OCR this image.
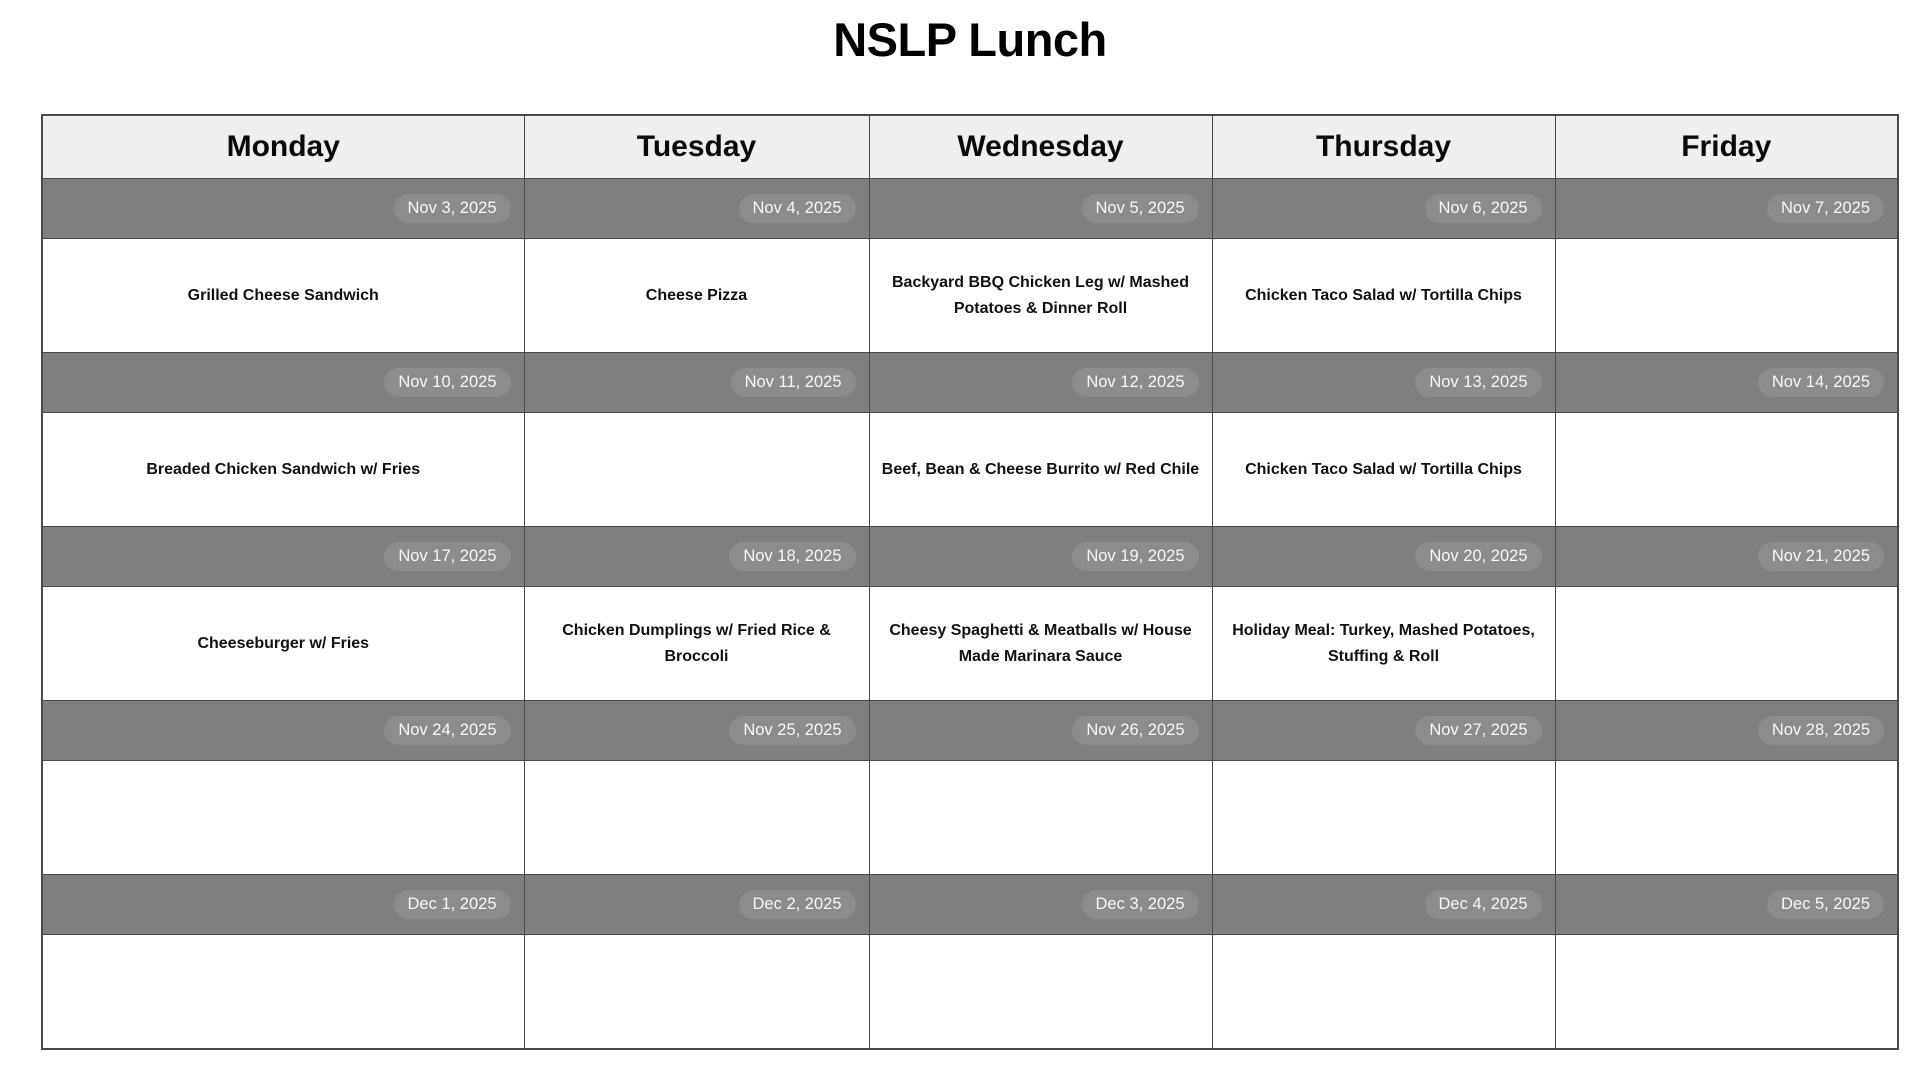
NSLP Lunch
Monday	Tuesday	Wednesday	Thursday	Friday
Nov 3, 2025	Nov 4, 2025	Nov 5, 2025	Nov 6, 2025	Nov 7, 2025

Grilled Cheese Sandwich	Cheese Pizza	Backyard BBQ Chicken Leg w/ Mashed Potatoes & Dinner Roll	Chicken Taco Salad w/ Tortilla Chips	

Nov 10, 2025	Nov 11, 2025	Nov 12, 2025	Nov 13, 2025	Nov 14, 2025

Breaded Chicken Sandwich w/ Fries		Beef, Bean & Cheese Burrito w/ Red Chile	Chicken Taco Salad w/ Tortilla Chips	

Nov 17, 2025	Nov 18, 2025	Nov 19, 2025	Nov 20, 2025	Nov 21, 2025

Cheeseburger w/ Fries	Chicken Dumplings w/ Fried Rice & Broccoli	Cheesy Spaghetti & Meatballs w/ House Made Marinara Sauce	Holiday Meal: Turkey, Mashed Potatoes, Stuffing & Roll	

Nov 24, 2025	Nov 25, 2025	Nov 26, 2025	Nov 27, 2025	Nov 28, 2025

Dec 1, 2025	Dec 2, 2025	Dec 3, 2025	Dec 4, 2025	Dec 5, 2025
